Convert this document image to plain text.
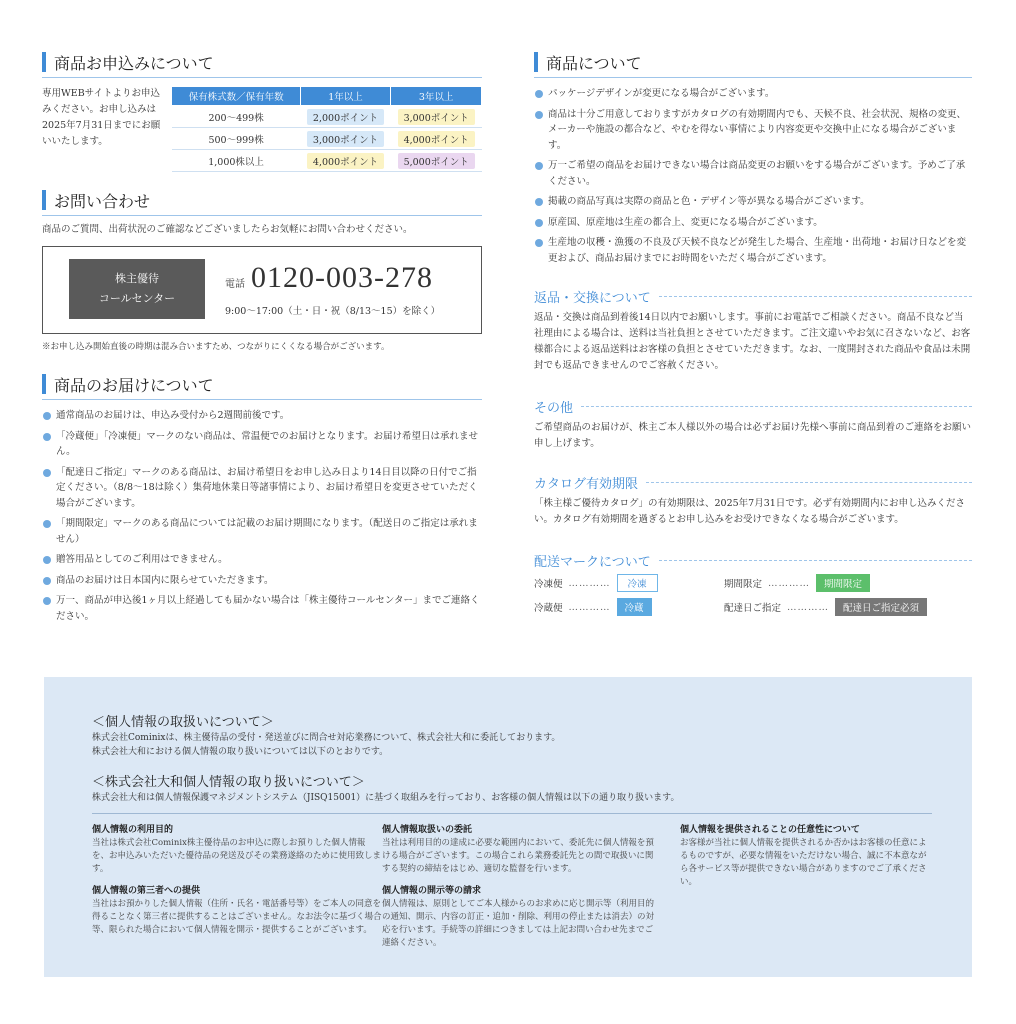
商品お申込みについて
専用WEBサイトよりお申込みください。お申し込みは2025年7月31日までにお願いいたします。
保有株式数／保有年数	1年以上	3年以上
200～499株	2,000ポイント	3,000ポイント
500～999株	3,000ポイント	4,000ポイント
1,000株以上	4,000ポイント	5,000ポイント
お問い合わせ
商品のご質問、出荷状況のご確認などございましたらお気軽にお問い合わせください。
株主優待
コールセンター
電話 0120-003-278
9:00～17:00（土・日・祝（8/13～15）を除く）
※お申し込み開始直後の時期は混み合いますため、つながりにくくなる場合がございます。
商品のお届けについて
通常商品のお届けは、申込み受付から2週間前後です。
「冷蔵便」「冷凍便」マークのない商品は、常温便でのお届けとなります。お届け希望日は承れません。
「配達日ご指定」マークのある商品は、お届け希望日をお申し込み日より14日目以降の日付でご指定ください。（8/8～18は除く）集荷地休業日等諸事情により、お届け希望日を変更させていただく場合がございます。
「期間限定」マークのある商品については記載のお届け期間になります。（配送日のご指定は承れません）
贈答用品としてのご利用はできません。
商品のお届けは日本国内に限らせていただきます。
万一、商品が申込後1ヶ月以上経過しても届かない場合は「株主優待コールセンター」までご連絡ください。
商品について
パッケージデザインが変更になる場合がございます。
商品は十分ご用意しておりますがカタログの有効期間内でも、天候不良、社会状況、規格の変更、メーカーや施設の都合など、やむを得ない事情により内容変更や交換中止になる場合がございます。
万一ご希望の商品をお届けできない場合は商品変更のお願いをする場合がございます。予めご了承ください。
掲載の商品写真は実際の商品と色・デザイン等が異なる場合がございます。
原産国、原産地は生産の都合上、変更になる場合がございます。
生産地の収穫・漁獲の不良及び天候不良などが発生した場合、生産地・出荷地・お届け日などを変更および、商品お届けまでにお時間をいただく場合がございます。
返品・交換について
返品・交換は商品到着後14日以内でお願いします。事前にお電話でご相談ください。商品不良など当社理由による場合は、送料は当社負担とさせていただきます。ご注文違いやお気に召さないなど、お客様都合による返品送料はお客様の負担とさせていただきます。なお、一度開封された商品や食品は未開封でも返品できませんのでご容赦ください。
その他
ご希望商品のお届けが、株主ご本人様以外の場合は必ずお届け先様へ事前に商品到着のご連絡をお願い申し上げます。
カタログ有効期限
「株主様ご優待カタログ」の有効期限は、2025年7月31日です。必ず有効期間内にお申し込みください。カタログ有効期間を過ぎるとお申し込みをお受けできなくなる場合がございます。
配送マークについて
冷凍便 …………	冷凍	期間限定 …………	期間限定
冷蔵便 …………	冷蔵	配達日ご指定 …………	配達日ご指定必須
＜個人情報の取扱いについて＞
株式会社Cominixは、株主優待品の受付・発送並びに問合せ対応業務について、株式会社大和に委託しております。
株式会社大和における個人情報の取り扱いについては以下のとおりです。
＜株式会社大和個人情報の取り扱いについて＞
株式会社大和は個人情報保護マネジメントシステム（JISQ15001）に基づく取組みを行っており、お客様の個人情報は以下の通り取り扱います。
個人情報の利用目的

当社は株式会社Cominix株主優待品のお申込に際しお預りした個人情報を、お申込みいただいた優待品の発送及びその業務遂絡のために使用致します。

個人情報の第三者への提供

当社はお預かりした個人情報（住所・氏名・電話番号等）をご本人の同意を得ることなく第三者に提供することはございません。なお法令に基づく場合等、限られた場合において個人情報を開示・提供することがございます。

個人情報取扱いの委託

当社は利用目的の達成に必要な範囲内において、委託先に個人情報を預ける場合がございます。この場合これら業務委託先との間で取扱いに関する契約の締結をはじめ、適切な監督を行います。

個人情報の開示等の請求

個人情報は、原則としてご本人様からのお求めに応じ開示等（利用目的の通知、開示、内容の訂正・追加・削除、利用の停止または消去）の対応を行います。手続等の詳細につきましては上記お問い合わせ先までご連絡ください。

個人情報を提供されることの任意性について

お客様が当社に個人情報を提供されるか否かはお客様の任意によるものですが、必要な情報をいただけない場合、誠に不本意ながら各サービス等が提供できない場合がありますのでご了承ください。
